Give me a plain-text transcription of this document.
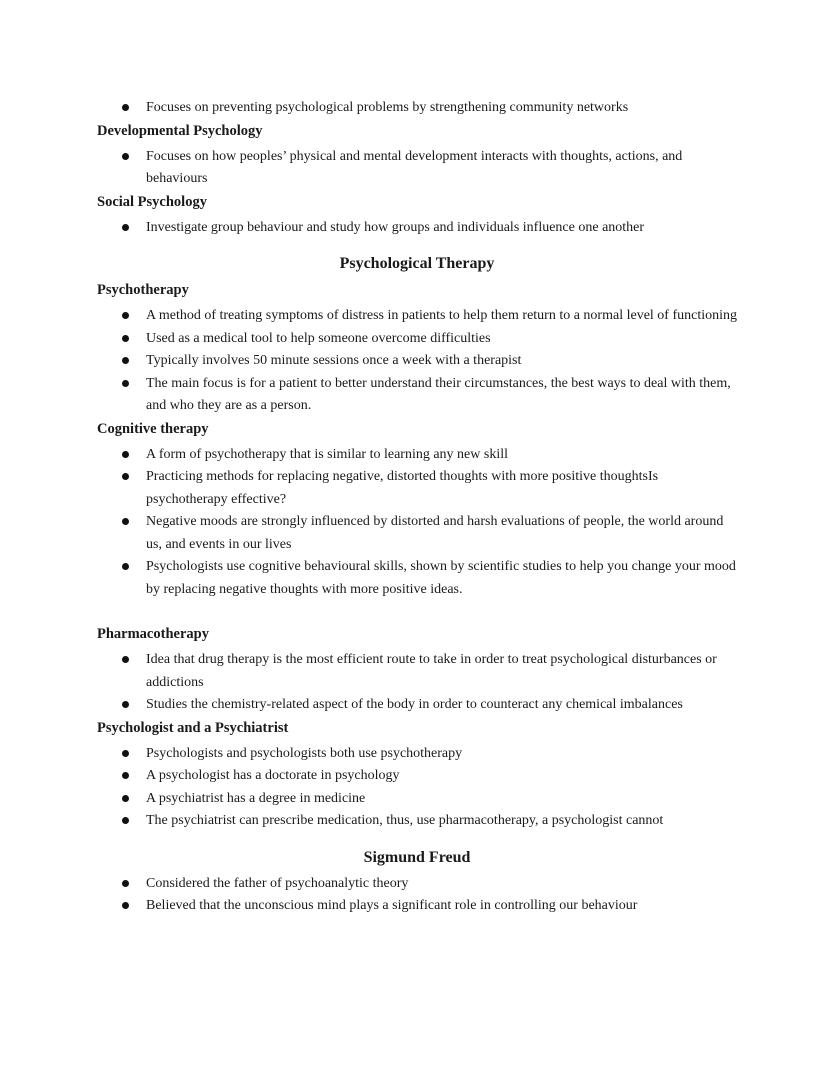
Focuses on preventing psychological problems by strengthening community networks
Developmental Psychology
Focuses on how peoples’ physical and mental development interacts with thoughts, actions, and behaviours
Social Psychology
Investigate group behaviour and study how groups and individuals influence one another
Psychological Therapy
Psychotherapy
A method of treating symptoms of distress in patients to help them return to a normal level of functioning
Used as a medical tool to help someone overcome difficulties
Typically involves 50 minute sessions once a week with a therapist
The main focus is for a patient to better understand their circumstances, the best ways to deal with them, and who they are as a person.
Cognitive therapy
A form of psychotherapy that is similar to learning any new skill
Practicing methods for replacing negative, distorted thoughts with more positive thoughtsIs psychotherapy effective?
Negative moods are strongly influenced by distorted and harsh evaluations of people, the world around us, and events in our lives
Psychologists use cognitive behavioural skills, shown by scientific studies to help you change your mood by replacing negative thoughts with more positive ideas.
Pharmacotherapy
Idea that drug therapy is the most efficient route to take in order to treat psychological disturbances or addictions
Studies the chemistry-related aspect of the body in order to counteract any chemical imbalances
Psychologist and a Psychiatrist
Psychologists and psychologists both use psychotherapy
A psychologist has a doctorate in psychology
A psychiatrist has a degree in medicine
The psychiatrist can prescribe medication, thus, use pharmacotherapy, a psychologist cannot
Sigmund Freud
Considered the father of psychoanalytic theory
Believed that the unconscious mind plays a significant role in controlling our behaviour
